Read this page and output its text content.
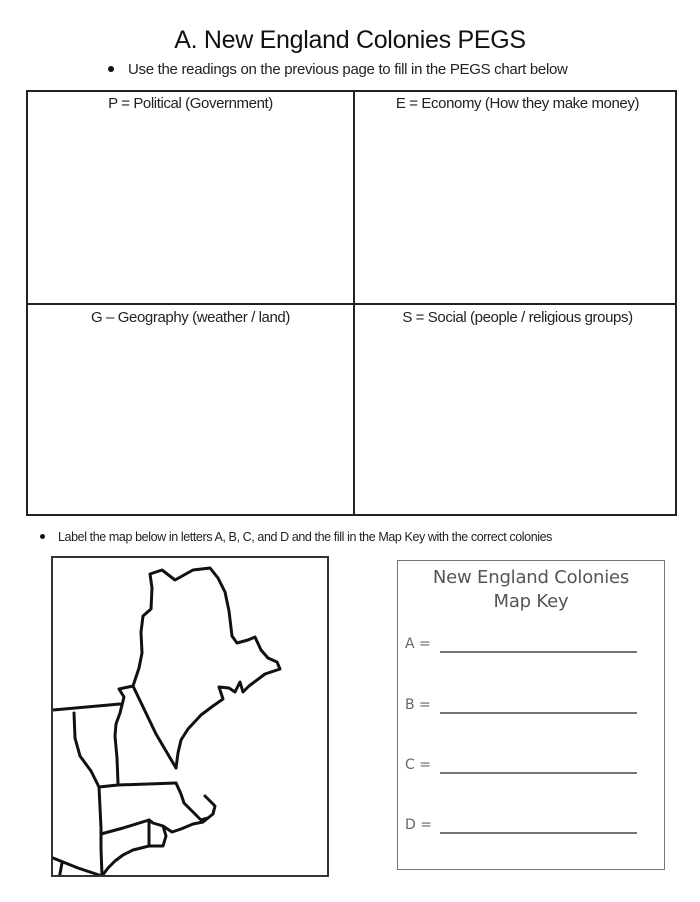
A. New England Colonies PEGS
Use the readings on the previous page to fill in the PEGS chart below
P = Political (Government)	E = Economy (How they make money)
G – Geography (weather / land)	S = Social (people / religious groups)
Label the map below in letters A, B, C, and D and the fill in the Map Key with the correct colonies
New England Colonies
Map Key
A =
B =
C =
D =
